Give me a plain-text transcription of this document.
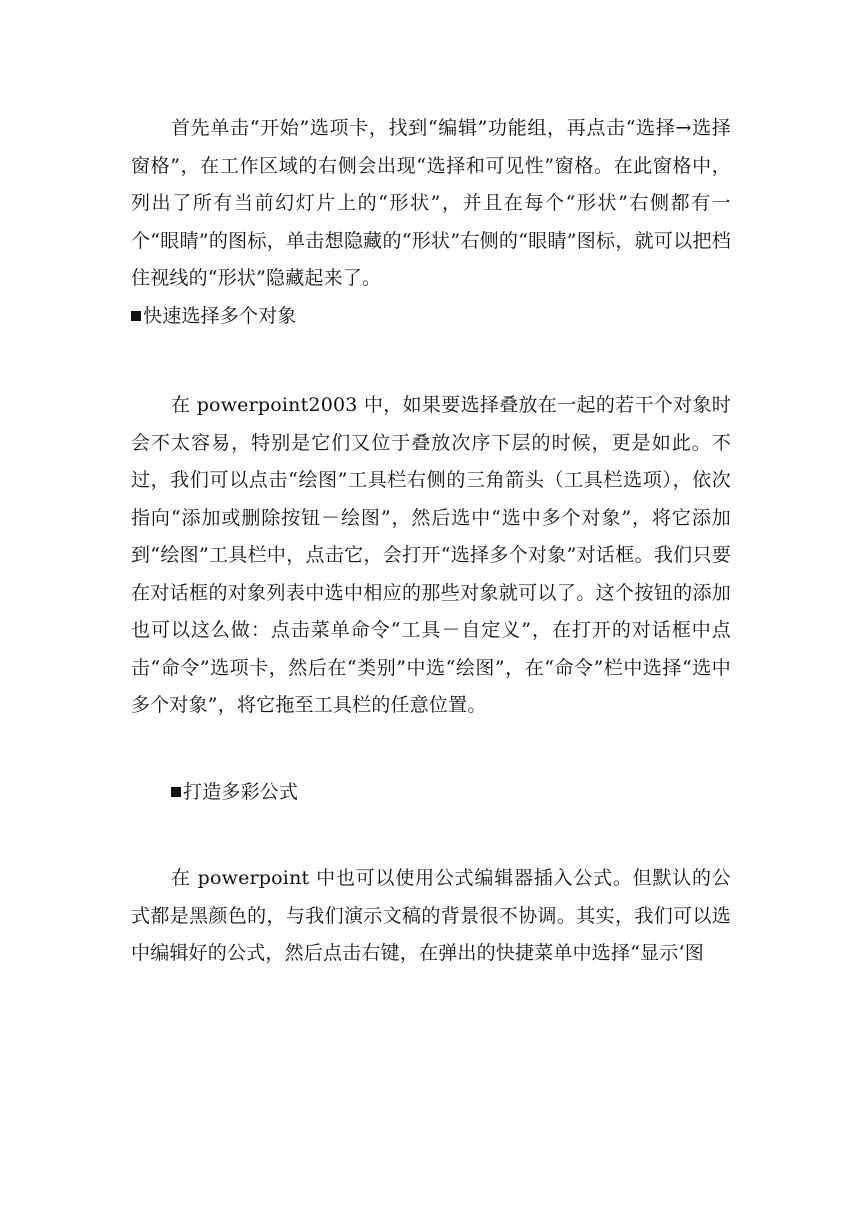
首先单击“开始”选项卡，找到“编辑”功能组，再点击“选择→选择窗格”，在工作区域的右侧会出现“选择和可见性”窗格。在此窗格中，列出了所有当前幻灯片上的“形状”，并且在每个“形状”右侧都有一个“眼睛”的图标，单击想隐藏的“形状”右侧的“眼睛”图标，就可以把档住视线的“形状”隐藏起来了。

快速选择多个对象

在 powerpoint2003 中，如果要选择叠放在一起的若干个对象时会不太容易，特别是它们又位于叠放次序下层的时候，更是如此。不过，我们可以点击“绘图”工具栏右侧的三角箭头（工具栏选项），依次指向“添加或删除按钮－绘图”，然后选中“选中多个对象”，将它添加到“绘图”工具栏中，点击它，会打开“选择多个对象”对话框。我们只要在对话框的对象列表中选中相应的那些对象就可以了。这个按钮的添加也可以这么做：点击菜单命令“工具－自定义”，在打开的对话框中点击“命令”选项卡，然后在“类别”中选“绘图”，在“命令”栏中选择“选中多个对象”，将它拖至工具栏的任意位置。

打造多彩公式

在 powerpoint 中也可以使用公式编辑器插入公式。但默认的公式都是黑颜色的，与我们演示文稿的背景很不协调。其实，我们可以选中编辑好的公式，然后点击右键，在弹出的快捷菜单中选择“显示‘图
